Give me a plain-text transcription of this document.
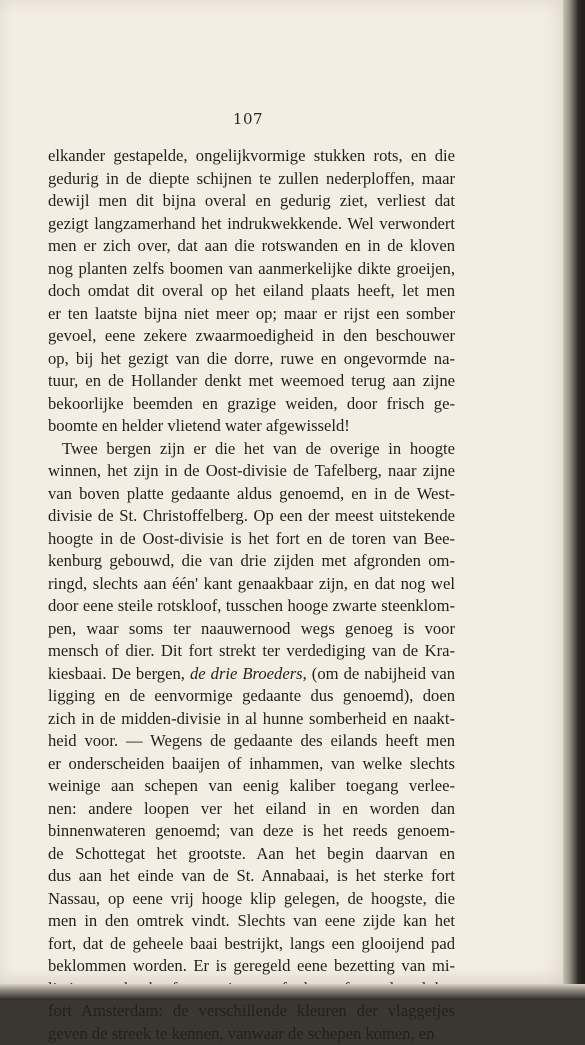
107
elkander gestapelde, ongelijkvormige stukken rots, en die
gedurig in de diepte schijnen te zullen nederploffen, maar
dewijl men dit bijna overal en gedurig ziet, verliest dat
gezigt langzamerhand het indrukwekkende. Wel verwondert
men er zich over, dat aan die rotswanden en in de kloven
nog planten zelfs boomen van aanmerkelijke dikte groeijen,
doch omdat dit overal op het eiland plaats heeft, let men
er ten laatste bijna niet meer op; maar er rijst een somber
gevoel, eene zekere zwaarmoedigheid in den beschouwer
op, bij het gezigt van die dorre, ruwe en ongevormde na-
tuur, en de Hollander denkt met weemoed terug aan zijne
bekoorlijke beemden en grazige weiden, door frisch ge-
boomte en helder vlietend water afgewisseld!
Twee bergen zijn er die het van de overige in hoogte
winnen, het zijn in de Oost-divisie de Tafelberg, naar zijne
van boven platte gedaante aldus genoemd, en in de West-
divisie de St. Christoffelberg. Op een der meest uitstekende
hoogte in de Oost-divisie is het fort en de toren van Bee-
kenburg gebouwd, die van drie zijden met afgronden om-
ringd, slechts aan één' kant genaakbaar zijn, en dat nog wel
door eene steile rotskloof, tusschen hooge zwarte steenklom-
pen, waar soms ter naauwernood wegs genoeg is voor
mensch of dier. Dit fort strekt ter verdediging van de Kra-
kiesbaai. De bergen, de drie Broeders, (om de nabijheid van
ligging en de eenvormige gedaante dus genoemd), doen
zich in de midden-divisie in al hunne somberheid en naakt-
heid voor. — Wegens de gedaante des eilands heeft men
er onderscheiden baaijen of inhammen, van welke slechts
weinige aan schepen van eenig kaliber toegang verlee-
nen: andere loopen ver het eiland in en worden dan
binnenwateren genoemd; van deze is het reeds genoem-
de Schottegat het grootste. Aan het begin daarvan en
dus aan het einde van de St. Annabaai, is het sterke fort
Nassau, op eene vrij hooge klip gelegen, de hoogste, die
men in den omtrek vindt. Slechts van eene zijde kan het
fort, dat de geheele baai bestrijkt, langs een glooijend pad
beklommen worden. Er is geregeld eene bezetting van mi-
fort Amsterdam: de verschillende kleuren der vlaggetjes
geven de streek te kennen, vanwaar de schepen komen, en
